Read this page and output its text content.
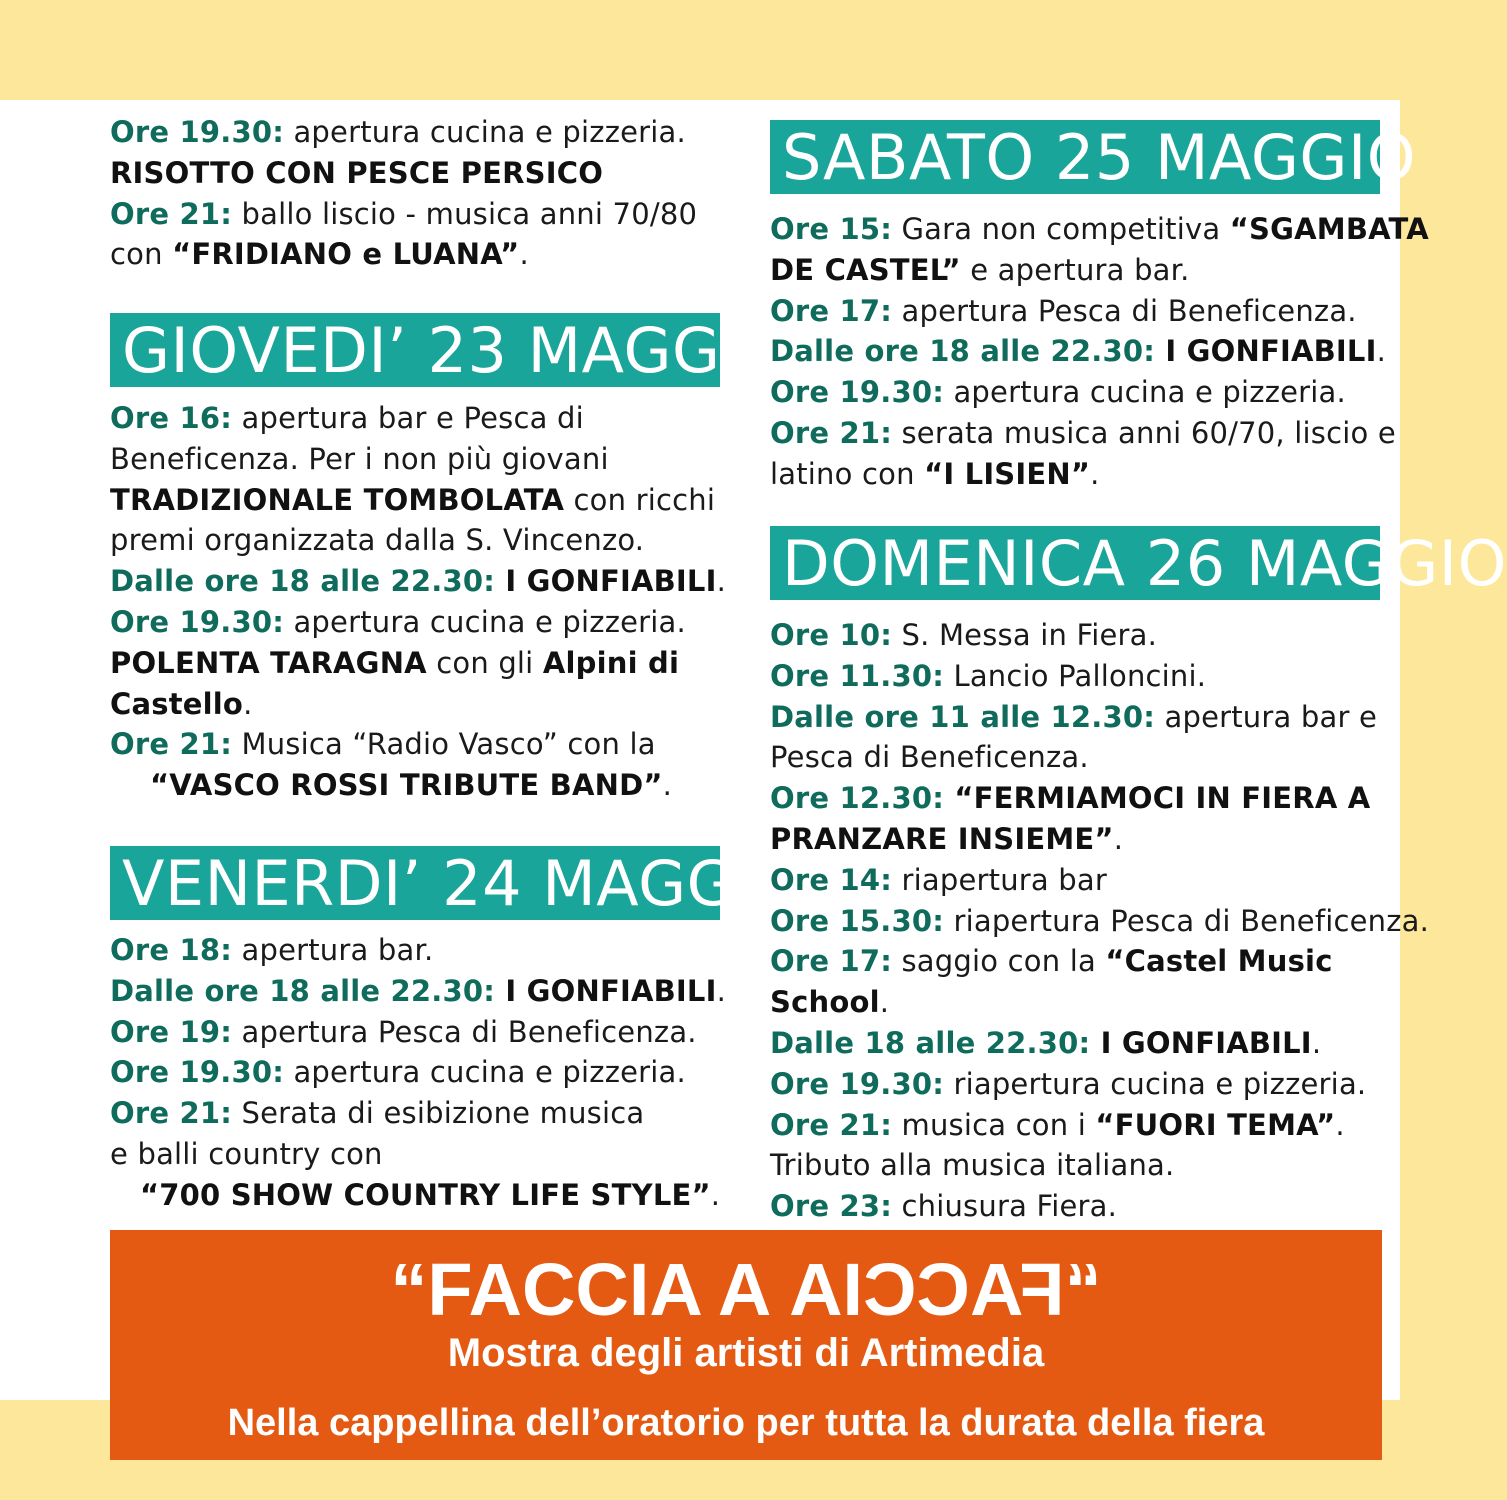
Ore 19.30: apertura cucina e pizzeria.
RISOTTO CON PESCE PERSICO
Ore 21: ballo liscio - musica anni 70/80
con “FRIDIANO e LUANA”.
GIOVEDI’ 23 MAGGIO
Ore 16: apertura bar e Pesca di
Beneficenza. Per i non più giovani
TRADIZIONALE TOMBOLATA con ricchi
premi organizzata dalla S. Vincenzo.
Dalle ore 18 alle 22.30: I GONFIABILI.
Ore 19.30: apertura cucina e pizzeria.
POLENTA TARAGNA con gli Alpini di
Castello.
Ore 21: Musica “Radio Vasco” con la
“VASCO ROSSI TRIBUTE BAND”.
VENERDI’ 24 MAGGIO
Ore 18: apertura bar.
Dalle ore 18 alle 22.30: I GONFIABILI.
Ore 19: apertura Pesca di Beneficenza.
Ore 19.30: apertura cucina e pizzeria.
Ore 21: Serata di esibizione musica
e balli country con
“700 SHOW COUNTRY LIFE STYLE”.
SABATO 25 MAGGIO
Ore 15: Gara non competitiva “SGAMBATA
DE CASTEL” e apertura bar.
Ore 17: apertura Pesca di Beneficenza.
Dalle ore 18 alle 22.30: I GONFIABILI.
Ore 19.30: apertura cucina e pizzeria.
Ore 21: serata musica anni 60/70, liscio e
latino con “I LISIEN”.
DOMENICA 26 MAGGIO
Ore 10: S. Messa in Fiera.
Ore 11.30: Lancio Palloncini.
Dalle ore 11 alle 12.30: apertura bar e
Pesca di Beneficenza.
Ore 12.30: “FERMIAMOCI IN FIERA A
PRANZARE INSIEME”.
Ore 14: riapertura bar
Ore 15.30: riapertura Pesca di Beneficenza.
Ore 17: saggio con la “Castel Music
School.
Dalle 18 alle 22.30: I GONFIABILI.
Ore 19.30: riapertura cucina e pizzeria.
Ore 21: musica con i “FUORI TEMA”.
Tributo alla musica italiana.
Ore 23: chiusura Fiera.
“FACCIA A “FACCIA
Mostra degli artisti di Artimedia
Nella cappellina dell’oratorio per tutta la durata della fiera
